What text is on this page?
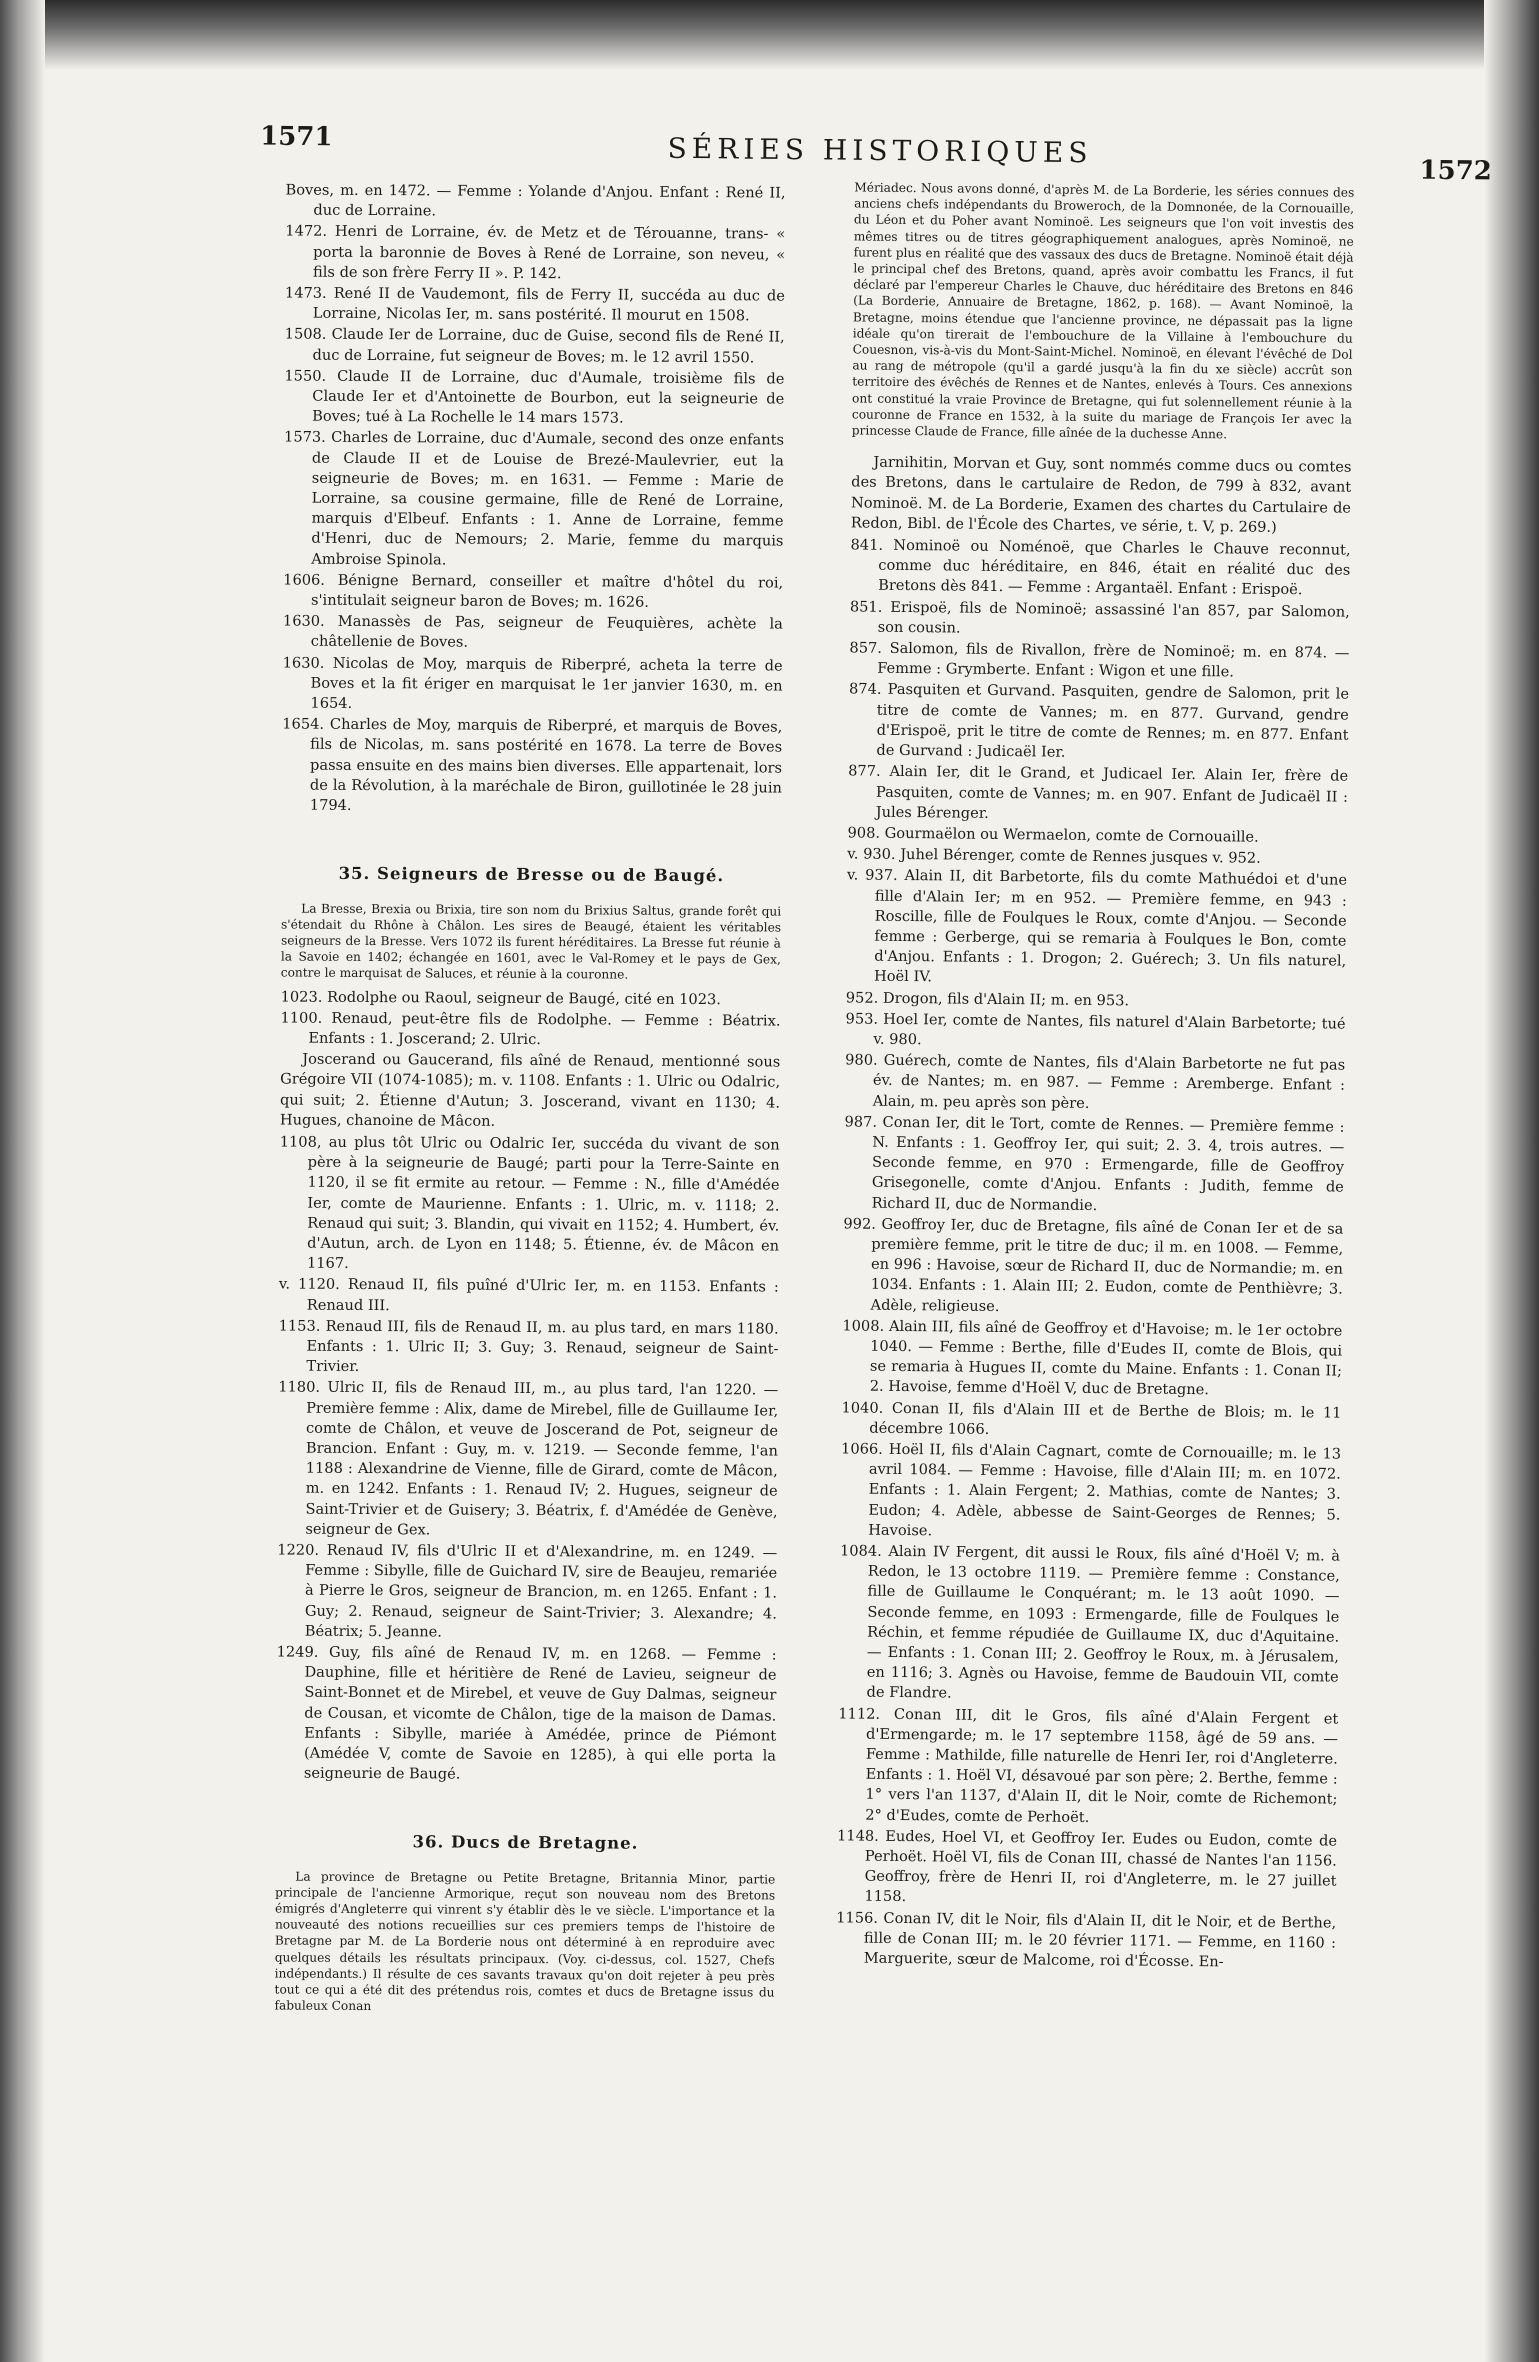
1571	SÉRIES HISTORIQUES
1572

Boves, m. en 1472. — Femme : Yolande d'Anjou. Enfant : René II, duc de Lorraine.

1472. Henri de Lorraine, év. de Metz et de Térouanne, trans- « porta la baronnie de Boves à René de Lorraine, son neveu, « fils de son frère Ferry II ». P. 142.

1473. René II de Vaudemont, fils de Ferry II, succéda au duc de Lorraine, Nicolas Ier, m. sans postérité. Il mourut en 1508.

1508. Claude Ier de Lorraine, duc de Guise, second fils de René II, duc de Lorraine, fut seigneur de Boves; m. le 12 avril 1550.

1550. Claude II de Lorraine, duc d'Aumale, troisième fils de Claude Ier et d'Antoinette de Bourbon, eut la seigneurie de Boves; tué à La Rochelle le 14 mars 1573.

1573. Charles de Lorraine, duc d'Aumale, second des onze enfants de Claude II et de Louise de Brezé-Maulevrier, eut la seigneurie de Boves; m. en 1631. — Femme : Marie de Lorraine, sa cousine germaine, fille de René de Lorraine, marquis d'Elbeuf. Enfants : 1. Anne de Lorraine, femme d'Henri, duc de Nemours; 2. Marie, femme du marquis Ambroise Spinola.

1606. Bénigne Bernard, conseiller et maître d'hôtel du roi, s'intitulait seigneur baron de Boves; m. 1626.

1630. Manassès de Pas, seigneur de Feuquières, achète la châtellenie de Boves.

1630. Nicolas de Moy, marquis de Riberpré, acheta la terre de Boves et la fit ériger en marquisat le 1er janvier 1630, m. en 1654.

1654. Charles de Moy, marquis de Riberpré, et marquis de Boves, fils de Nicolas, m. sans postérité en 1678. La terre de Boves passa ensuite en des mains bien diverses. Elle appartenait, lors de la Révolution, à la maréchale de Biron, guillotinée le 28 juin 1794.

35. Seigneurs de Bresse ou de Baugé.

La Bresse, Brexia ou Brixia, tire son nom du Brixius Saltus, grande forêt qui s'étendait du Rhône à Châlon. Les sires de Beaugé, étaient les véritables seigneurs de la Bresse. Vers 1072 ils furent héréditaires. La Bresse fut réunie à la Savoie en 1402; échangée en 1601, avec le Val-Romey et le pays de Gex, contre le marquisat de Saluces, et réunie à la couronne.

1023. Rodolphe ou Raoul, seigneur de Baugé, cité en 1023.

1100. Renaud, peut-être fils de Rodolphe. — Femme : Béatrix. Enfants : 1. Joscerand; 2. Ulric.

Joscerand ou Gaucerand, fils aîné de Renaud, mentionné sous Grégoire VII (1074-1085); m. v. 1108. Enfants : 1. Ulric ou Odalric, qui suit; 2. Étienne d'Autun; 3. Joscerand, vivant en 1130; 4. Hugues, chanoine de Mâcon.

1108, au plus tôt Ulric ou Odalric Ier, succéda du vivant de son père à la seigneurie de Baugé; parti pour la Terre-Sainte en 1120, il se fit ermite au retour. — Femme : N., fille d'Amédée Ier, comte de Maurienne. Enfants : 1. Ulric, m. v. 1118; 2. Renaud qui suit; 3. Blandin, qui vivait en 1152; 4. Humbert, év. d'Autun, arch. de Lyon en 1148; 5. Étienne, év. de Mâcon en 1167.

v. 1120. Renaud II, fils puîné d'Ulric Ier, m. en 1153. Enfants : Renaud III.

1153. Renaud III, fils de Renaud II, m. au plus tard, en mars 1180. Enfants : 1. Ulric II; 3. Guy; 3. Renaud, seigneur de Saint-Trivier.

1180. Ulric II, fils de Renaud III, m., au plus tard, l'an 1220. — Première femme : Alix, dame de Mirebel, fille de Guillaume Ier, comte de Châlon, et veuve de Joscerand de Pot, seigneur de Brancion. Enfant : Guy, m. v. 1219. — Seconde femme, l'an 1188 : Alexandrine de Vienne, fille de Girard, comte de Mâcon, m. en 1242. Enfants : 1. Renaud IV; 2. Hugues, seigneur de Saint-Trivier et de Guisery; 3. Béatrix, f. d'Amédée de Genève, seigneur de Gex.

1220. Renaud IV, fils d'Ulric II et d'Alexandrine, m. en 1249. — Femme : Sibylle, fille de Guichard IV, sire de Beaujeu, remariée à Pierre le Gros, seigneur de Brancion, m. en 1265. Enfant : 1. Guy; 2. Renaud, seigneur de Saint-Trivier; 3. Alexandre; 4. Béatrix; 5. Jeanne.

1249. Guy, fils aîné de Renaud IV, m. en 1268. — Femme : Dauphine, fille et héritière de René de Lavieu, seigneur de Saint-Bonnet et de Mirebel, et veuve de Guy Dalmas, seigneur de Cousan, et vicomte de Châlon, tige de la maison de Damas. Enfants : Sibylle, mariée à Amédée, prince de Piémont (Amédée V, comte de Savoie en 1285), à qui elle porta la seigneurie de Baugé.

36. Ducs de Bretagne.

La province de Bretagne ou Petite Bretagne, Britannia Minor, partie principale de l'ancienne Armorique, reçut son nouveau nom des Bretons émigrés d'Angleterre qui vinrent s'y établir dès le ve siècle. L'importance et la nouveauté des notions recueillies sur ces premiers temps de l'histoire de Bretagne par M. de La Borderie nous ont déterminé à en reproduire avec quelques détails les résultats principaux. (Voy. ci-dessus, col. 1527, Chefs indépendants.) Il résulte de ces savants travaux qu'on doit rejeter à peu près tout ce qui a été dit des prétendus rois, comtes et ducs de Bretagne issus du fabuleux Conan

Mériadec. Nous avons donné, d'après M. de La Borderie, les séries connues des anciens chefs indépendants du Broweroch, de la Domnonée, de la Cornouaille, du Léon et du Poher avant Nominoë. Les seigneurs que l'on voit investis des mêmes titres ou de titres géographiquement analogues, après Nominoë, ne furent plus en réalité que des vassaux des ducs de Bretagne. Nominoë était déjà le principal chef des Bretons, quand, après avoir combattu les Francs, il fut déclaré par l'empereur Charles le Chauve, duc héréditaire des Bretons en 846 (La Borderie, Annuaire de Bretagne, 1862, p. 168). — Avant Nominoë, la Bretagne, moins étendue que l'ancienne province, ne dépassait pas la ligne idéale qu'on tirerait de l'embouchure de la Villaine à l'embouchure du Couesnon, vis-à-vis du Mont-Saint-Michel. Nominoë, en élevant l'évêché de Dol au rang de métropole (qu'il a gardé jusqu'à la fin du xe siècle) accrût son territoire des évêchés de Rennes et de Nantes, enlevés à Tours. Ces annexions ont constitué la vraie Province de Bretagne, qui fut solennellement réunie à la couronne de France en 1532, à la suite du mariage de François Ier avec la princesse Claude de France, fille aînée de la duchesse Anne.

Jarnihitin, Morvan et Guy, sont nommés comme ducs ou comtes des Bretons, dans le cartulaire de Redon, de 799 à 832, avant Nominoë. M. de La Borderie, Examen des chartes du Cartulaire de Redon, Bibl. de l'École des Chartes, ve série, t. V, p. 269.)

841. Nominoë ou Noménoë, que Charles le Chauve reconnut, comme duc héréditaire, en 846, était en réalité duc des Bretons dès 841. — Femme : Argantaël. Enfant : Erispoë.

851. Erispoë, fils de Nominoë; assassiné l'an 857, par Salomon, son cousin.

857. Salomon, fils de Rivallon, frère de Nominoë; m. en 874. — Femme : Grymberte. Enfant : Wigon et une fille.

874. Pasquiten et Gurvand. Pasquiten, gendre de Salomon, prit le titre de comte de Vannes; m. en 877. Gurvand, gendre d'Erispoë, prit le titre de comte de Rennes; m. en 877. Enfant de Gurvand : Judicaël Ier.

877. Alain Ier, dit le Grand, et Judicael Ier. Alain Ier, frère de Pasquiten, comte de Vannes; m. en 907. Enfant de Judicaël II : Jules Bérenger.

908. Gourmaëlon ou Wermaelon, comte de Cornouaille.

v. 930. Juhel Bérenger, comte de Rennes jusques v. 952.

v. 937. Alain II, dit Barbetorte, fils du comte Mathuédoi et d'une fille d'Alain Ier; m en 952. — Première femme, en 943 : Roscille, fille de Foulques le Roux, comte d'Anjou. — Seconde femme : Gerberge, qui se remaria à Foulques le Bon, comte d'Anjou. Enfants : 1. Drogon; 2. Guérech; 3. Un fils naturel, Hoël IV.

952. Drogon, fils d'Alain II; m. en 953.

953. Hoel Ier, comte de Nantes, fils naturel d'Alain Barbetorte; tué v. 980.

980. Guérech, comte de Nantes, fils d'Alain Barbetorte ne fut pas év. de Nantes; m. en 987. — Femme : Aremberge. Enfant : Alain, m. peu après son père.

987. Conan Ier, dit le Tort, comte de Rennes. — Première femme : N. Enfants : 1. Geoffroy Ier, qui suit; 2. 3. 4, trois autres. — Seconde femme, en 970 : Ermengarde, fille de Geoffroy Grisegonelle, comte d'Anjou. Enfants : Judith, femme de Richard II, duc de Normandie.

992. Geoffroy Ier, duc de Bretagne, fils aîné de Conan Ier et de sa première femme, prit le titre de duc; il m. en 1008. — Femme, en 996 : Havoise, sœur de Richard II, duc de Normandie; m. en 1034. Enfants : 1. Alain III; 2. Eudon, comte de Penthièvre; 3. Adèle, religieuse.

1008. Alain III, fils aîné de Geoffroy et d'Havoise; m. le 1er octobre 1040. — Femme : Berthe, fille d'Eudes II, comte de Blois, qui se remaria à Hugues II, comte du Maine. Enfants : 1. Conan II; 2. Havoise, femme d'Hoël V, duc de Bretagne.

1040. Conan II, fils d'Alain III et de Berthe de Blois; m. le 11 décembre 1066.

1066. Hoël II, fils d'Alain Cagnart, comte de Cornouaille; m. le 13 avril 1084. — Femme : Havoise, fille d'Alain III; m. en 1072. Enfants : 1. Alain Fergent; 2. Mathias, comte de Nantes; 3. Eudon; 4. Adèle, abbesse de Saint-Georges de Rennes; 5. Havoise.

1084. Alain IV Fergent, dit aussi le Roux, fils aîné d'Hoël V; m. à Redon, le 13 octobre 1119. — Première femme : Constance, fille de Guillaume le Conquérant; m. le 13 août 1090. — Seconde femme, en 1093 : Ermengarde, fille de Foulques le Réchin, et femme répudiée de Guillaume IX, duc d'Aquitaine. — Enfants : 1. Conan III; 2. Geoffroy le Roux, m. à Jérusalem, en 1116; 3. Agnès ou Havoise, femme de Baudouin VII, comte de Flandre.

1112. Conan III, dit le Gros, fils aîné d'Alain Fergent et d'Ermengarde; m. le 17 septembre 1158, âgé de 59 ans. — Femme : Mathilde, fille naturelle de Henri Ier, roi d'Angleterre. Enfants : 1. Hoël VI, désavoué par son père; 2. Berthe, femme : 1° vers l'an 1137, d'Alain II, dit le Noir, comte de Richemont; 2° d'Eudes, comte de Perhoët.

1148. Eudes, Hoel VI, et Geoffroy Ier. Eudes ou Eudon, comte de Perhoët. Hoël VI, fils de Conan III, chassé de Nantes l'an 1156. Geoffroy, frère de Henri II, roi d'Angleterre, m. le 27 juillet 1158.

1156. Conan IV, dit le Noir, fils d'Alain II, dit le Noir, et de Berthe, fille de Conan III; m. le 20 février 1171. — Femme, en 1160 : Marguerite, sœur de Malcome, roi d'Écosse. En-
